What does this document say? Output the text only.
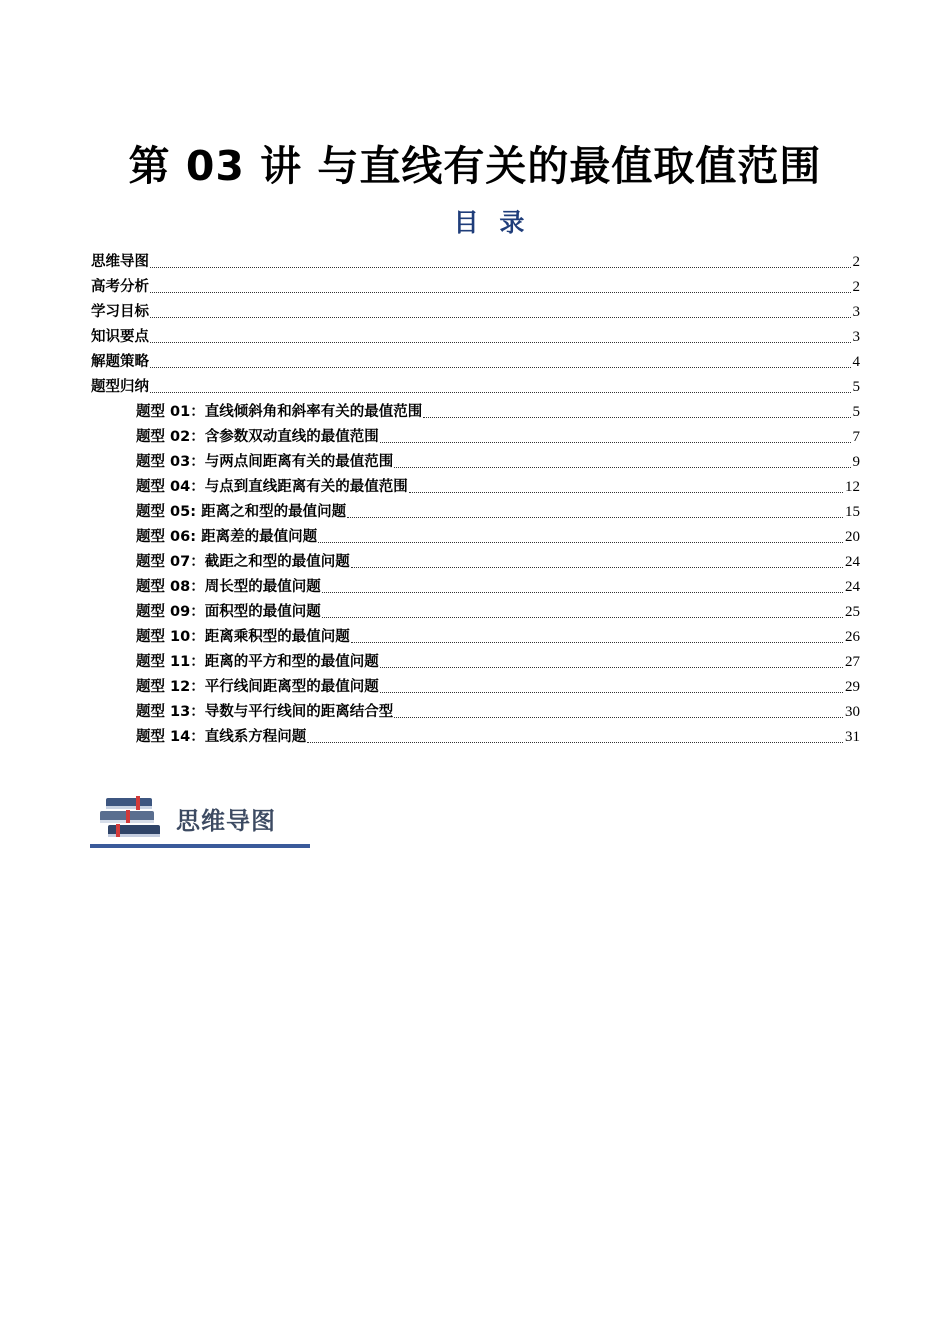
第 03 讲 与直线有关的最值取值范围
目 录
思维导图	2
高考分析	2
学习目标	3
知识要点	3
解题策略	4
题型归纳	5
题型 01：直线倾斜角和斜率有关的最值范围	5
题型 02：含参数双动直线的最值范围	7
题型 03：与两点间距离有关的最值范围	9
题型 04：与点到直线距离有关的最值范围	12
题型 05: 距离之和型的最值问题	15
题型 06: 距离差的最值问题	20
题型 07：截距之和型的最值问题	24
题型 08：周长型的最值问题	24
题型 09：面积型的最值问题	25
题型 10：距离乘积型的最值问题	26
题型 11：距离的平方和型的最值问题	27
题型 12：平行线间距离型的最值问题	29
题型 13：导数与平行线间的距离结合型	30
题型 14：直线系方程问题	31
思维导图
